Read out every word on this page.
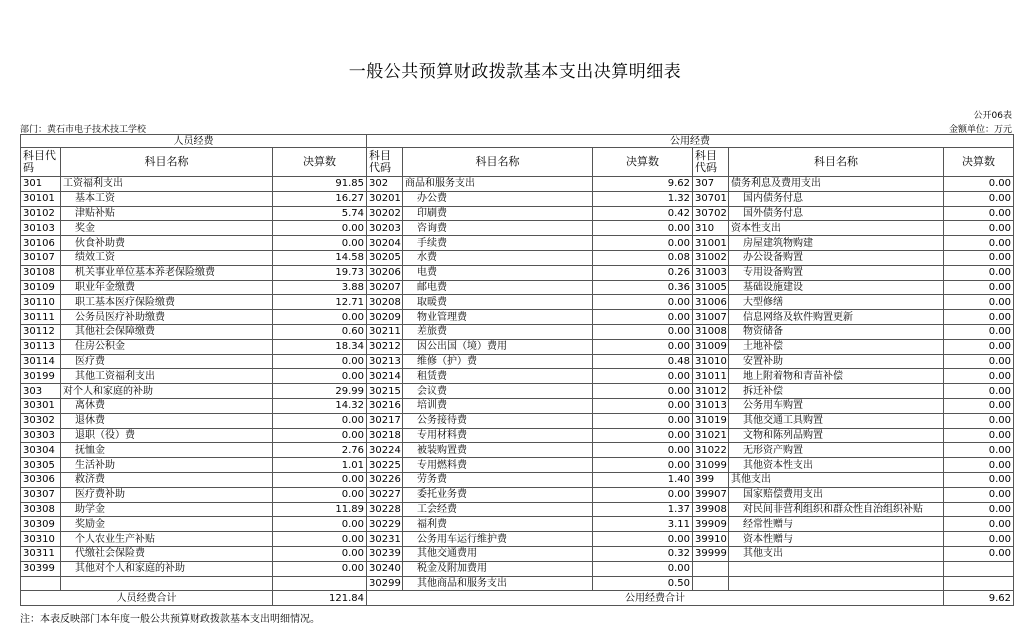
一般公共预算财政拨款基本支出决算明细表
公开06表
部门：黄石市电子技术技工学校	金额单位：万元
人员经费			公用经费					
科目代码	科目名称	决算数	科目代码	科目名称	决算数	科目代码	科目名称	决算数
301	工资福利支出	91.85	302	商品和服务支出	9.62	307	债务利息及费用支出	0.00
30101	基本工资	16.27	30201	办公费	1.32	30701	国内债务付息	0.00
30102	津贴补贴	5.74	30202	印刷费	0.42	30702	国外债务付息	0.00
30103	奖金	0.00	30203	咨询费	0.00	310	资本性支出	0.00
30106	伙食补助费	0.00	30204	手续费	0.00	31001	房屋建筑物购建	0.00
30107	绩效工资	14.58	30205	水费	0.08	31002	办公设备购置	0.00
30108	机关事业单位基本养老保险缴费	19.73	30206	电费	0.26	31003	专用设备购置	0.00
30109	职业年金缴费	3.88	30207	邮电费	0.36	31005	基础设施建设	0.00
30110	职工基本医疗保险缴费	12.71	30208	取暖费	0.00	31006	大型修缮	0.00
30111	公务员医疗补助缴费	0.00	30209	物业管理费	0.00	31007	信息网络及软件购置更新	0.00
30112	其他社会保障缴费	0.60	30211	差旅费	0.00	31008	物资储备	0.00
30113	住房公积金	18.34	30212	因公出国（境）费用	0.00	31009	土地补偿	0.00
30114	医疗费	0.00	30213	维修（护）费	0.48	31010	安置补助	0.00
30199	其他工资福利支出	0.00	30214	租赁费	0.00	31011	地上附着物和青苗补偿	0.00
303	对个人和家庭的补助	29.99	30215	会议费	0.00	31012	拆迁补偿	0.00
30301	离休费	14.32	30216	培训费	0.00	31013	公务用车购置	0.00
30302	退休费	0.00	30217	公务接待费	0.00	31019	其他交通工具购置	0.00
30303	退职（役）费	0.00	30218	专用材料费	0.00	31021	文物和陈列品购置	0.00
30304	抚恤金	2.76	30224	被装购置费	0.00	31022	无形资产购置	0.00
30305	生活补助	1.01	30225	专用燃料费	0.00	31099	其他资本性支出	0.00
30306	救济费	0.00	30226	劳务费	1.40	399	其他支出	0.00
30307	医疗费补助	0.00	30227	委托业务费	0.00	39907	国家赔偿费用支出	0.00
30308	助学金	11.89	30228	工会经费	1.37	39908	对民间非营利组织和群众性自治组织补贴	0.00
30309	奖励金	0.00	30229	福利费	3.11	39909	经常性赠与	0.00
30310	个人农业生产补贴	0.00	30231	公务用车运行维护费	0.00	39910	资本性赠与	0.00
30311	代缴社会保险费	0.00	30239	其他交通费用	0.32	39999	其他支出	0.00
30399	其他对个人和家庭的补助	0.00	30240	税金及附加费用	0.00			
			30299	其他商品和服务支出	0.50			
人员经费合计		121.84	公用经费合计					9.62
注：本表反映部门本年度一般公共预算财政拨款基本支出明细情况。
